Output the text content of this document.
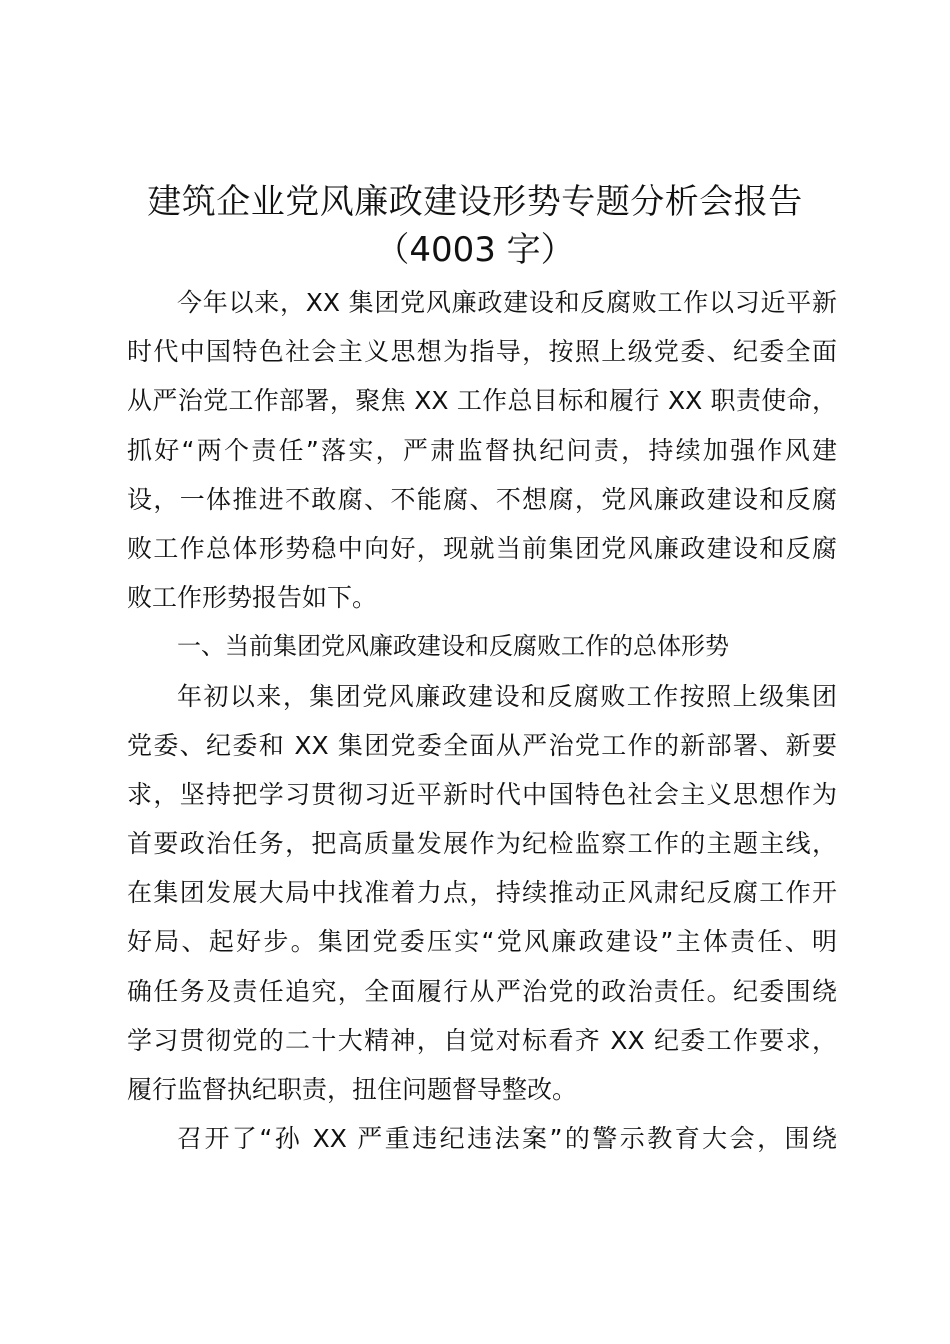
建筑企业党风廉政建设形势专题分析会报告
（4003 字）
今年以来，XX 集团党风廉政建设和反腐败工作以习近平新
时代中国特色社会主义思想为指导，按照上级党委、纪委全面
从严治党工作部署，聚焦 XX 工作总目标和履行 XX 职责使命，
抓好“两个责任”落实，严肃监督执纪问责，持续加强作风建
设，一体推进不敢腐、不能腐、不想腐，党风廉政建设和反腐
败工作总体形势稳中向好，现就当前集团党风廉政建设和反腐
败工作形势报告如下。
一、当前集团党风廉政建设和反腐败工作的总体形势
年初以来，集团党风廉政建设和反腐败工作按照上级集团
党委、纪委和 XX 集团党委全面从严治党工作的新部署、新要
求，坚持把学习贯彻习近平新时代中国特色社会主义思想作为
首要政治任务，把高质量发展作为纪检监察工作的主题主线，
在集团发展大局中找准着力点，持续推动正风肃纪反腐工作开
好局、起好步。集团党委压实“党风廉政建设”主体责任、明
确任务及责任追究，全面履行从严治党的政治责任。纪委围绕
学习贯彻党的二十大精神，自觉对标看齐 XX 纪委工作要求，
履行监督执纪职责，扭住问题督导整改。
召开了“孙 XX 严重违纪违法案”的警示教育大会，围绕
